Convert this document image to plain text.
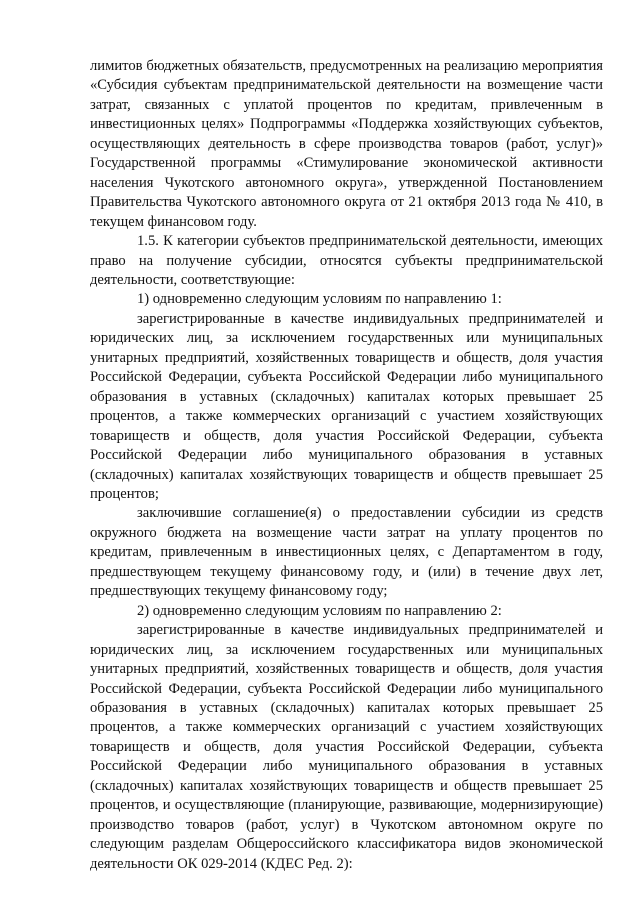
лимитов бюджетных обязательств, предусмотренных на реализацию мероприятия «Субсидия субъектам предпринимательской деятельности на возмещение части затрат, связанных с уплатой процентов по кредитам, привлеченным в инвестиционных целях» Подпрограммы «Поддержка хозяйствующих субъектов, осуществляющих деятельность в сфере производства товаров (работ, услуг)» Государственной программы «Стимулирование экономической активности населения Чукотского автономного округа», утвержденной Постановлением Правительства Чукотского автономного округа от 21 октября 2013 года № 410, в текущем финансовом году.

1.5. К категории субъектов предпринимательской деятельности, имеющих право на получение субсидии, относятся субъекты предпринимательской деятельности, соответствующие:

1) одновременно следующим условиям по направлению 1:

зарегистрированные в качестве индивидуальных предпринимателей и юридических лиц, за исключением государственных или муниципальных унитарных предприятий, хозяйственных товариществ и обществ, доля участия Российской Федерации, субъекта Российской Федерации либо муниципального образования в уставных (складочных) капиталах которых превышает 25 процентов, а также коммерческих организаций с участием хозяйствующих товариществ и обществ, доля участия Российской Федерации, субъекта Российской Федерации либо муниципального образования в уставных (складочных) капиталах хозяйствующих товариществ и обществ превышает 25 процентов;

заключившие соглашение(я) о предоставлении субсидии из средств окружного бюджета на возмещение части затрат на уплату процентов по кредитам, привлеченным в инвестиционных целях, с Департаментом в году, предшествующем текущему финансовому году, и (или) в течение двух лет, предшествующих текущему финансовому году;

2) одновременно следующим условиям по направлению 2:

зарегистрированные в качестве индивидуальных предпринимателей и юридических лиц, за исключением государственных или муниципальных унитарных предприятий, хозяйственных товариществ и обществ, доля участия Российской Федерации, субъекта Российской Федерации либо муниципального образования в уставных (складочных) капиталах которых превышает 25 процентов, а также коммерческих организаций с участием хозяйствующих товариществ и обществ, доля участия Российской Федерации, субъекта Российской Федерации либо муниципального образования в уставных (складочных) капиталах хозяйствующих товариществ и обществ превышает 25 процентов, и осуществляющие (планирующие, развивающие, модернизирующие) производство товаров (работ, услуг) в Чукотском автономном округе по следующим разделам Общероссийского классификатора видов экономической деятельности ОК 029-2014 (КДЕС Ред. 2):
